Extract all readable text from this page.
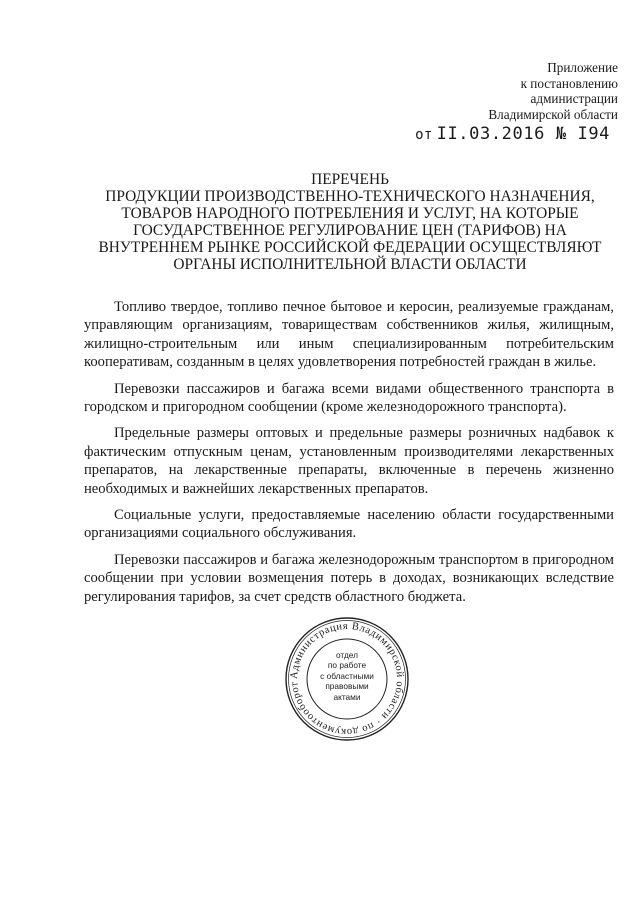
Приложение
к постановлению
администрации
Владимирской области
от II.03.2016 № I94
ПЕРЕЧЕНЬ
ПРОДУКЦИИ ПРОИЗВОДСТВЕННО-ТЕХНИЧЕСКОГО НАЗНАЧЕНИЯ,
ТОВАРОВ НАРОДНОГО ПОТРЕБЛЕНИЯ И УСЛУГ, НА КОТОРЫЕ
ГОСУДАРСТВЕННОЕ РЕГУЛИРОВАНИЕ ЦЕН (ТАРИФОВ) НА
ВНУТРЕННЕМ РЫНКЕ РОССИЙСКОЙ ФЕДЕРАЦИИ ОСУЩЕСТВЛЯЮТ
ОРГАНЫ ИСПОЛНИТЕЛЬНОЙ ВЛАСТИ ОБЛАСТИ

Топливо твердое, топливо печное бытовое и керосин, реализуемые гражданам, управляющим организациям, товариществам собственников жилья, жилищным, жилищно-строительным или иным специализированным потребительским кооперативам, созданным в целях удовлетворения потребностей граждан в жилье.

Перевозки пассажиров и багажа всеми видами общественного транспорта в городском и пригородном сообщении (кроме железнодорожного транспорта).

Предельные размеры оптовых и предельные размеры розничных надбавок к фактическим отпускным ценам, установленным производителями лекарственных препаратов, на лекарственные препараты, включенные в перечень жизненно необходимых и важнейших лекарственных препаратов.

Социальные услуги, предоставляемые населению области государственными организациями социального обслуживания.

Перевозки пассажиров и багажа железнодорожным транспортом в пригородном сообщении при условии возмещения потерь в доходах, возникающих вследствие регулирования тарифов, за счет средств областного бюджета.

Администрация Владимирской области · по документооборот
отдел
по работе
с областными
правовыми
актами
